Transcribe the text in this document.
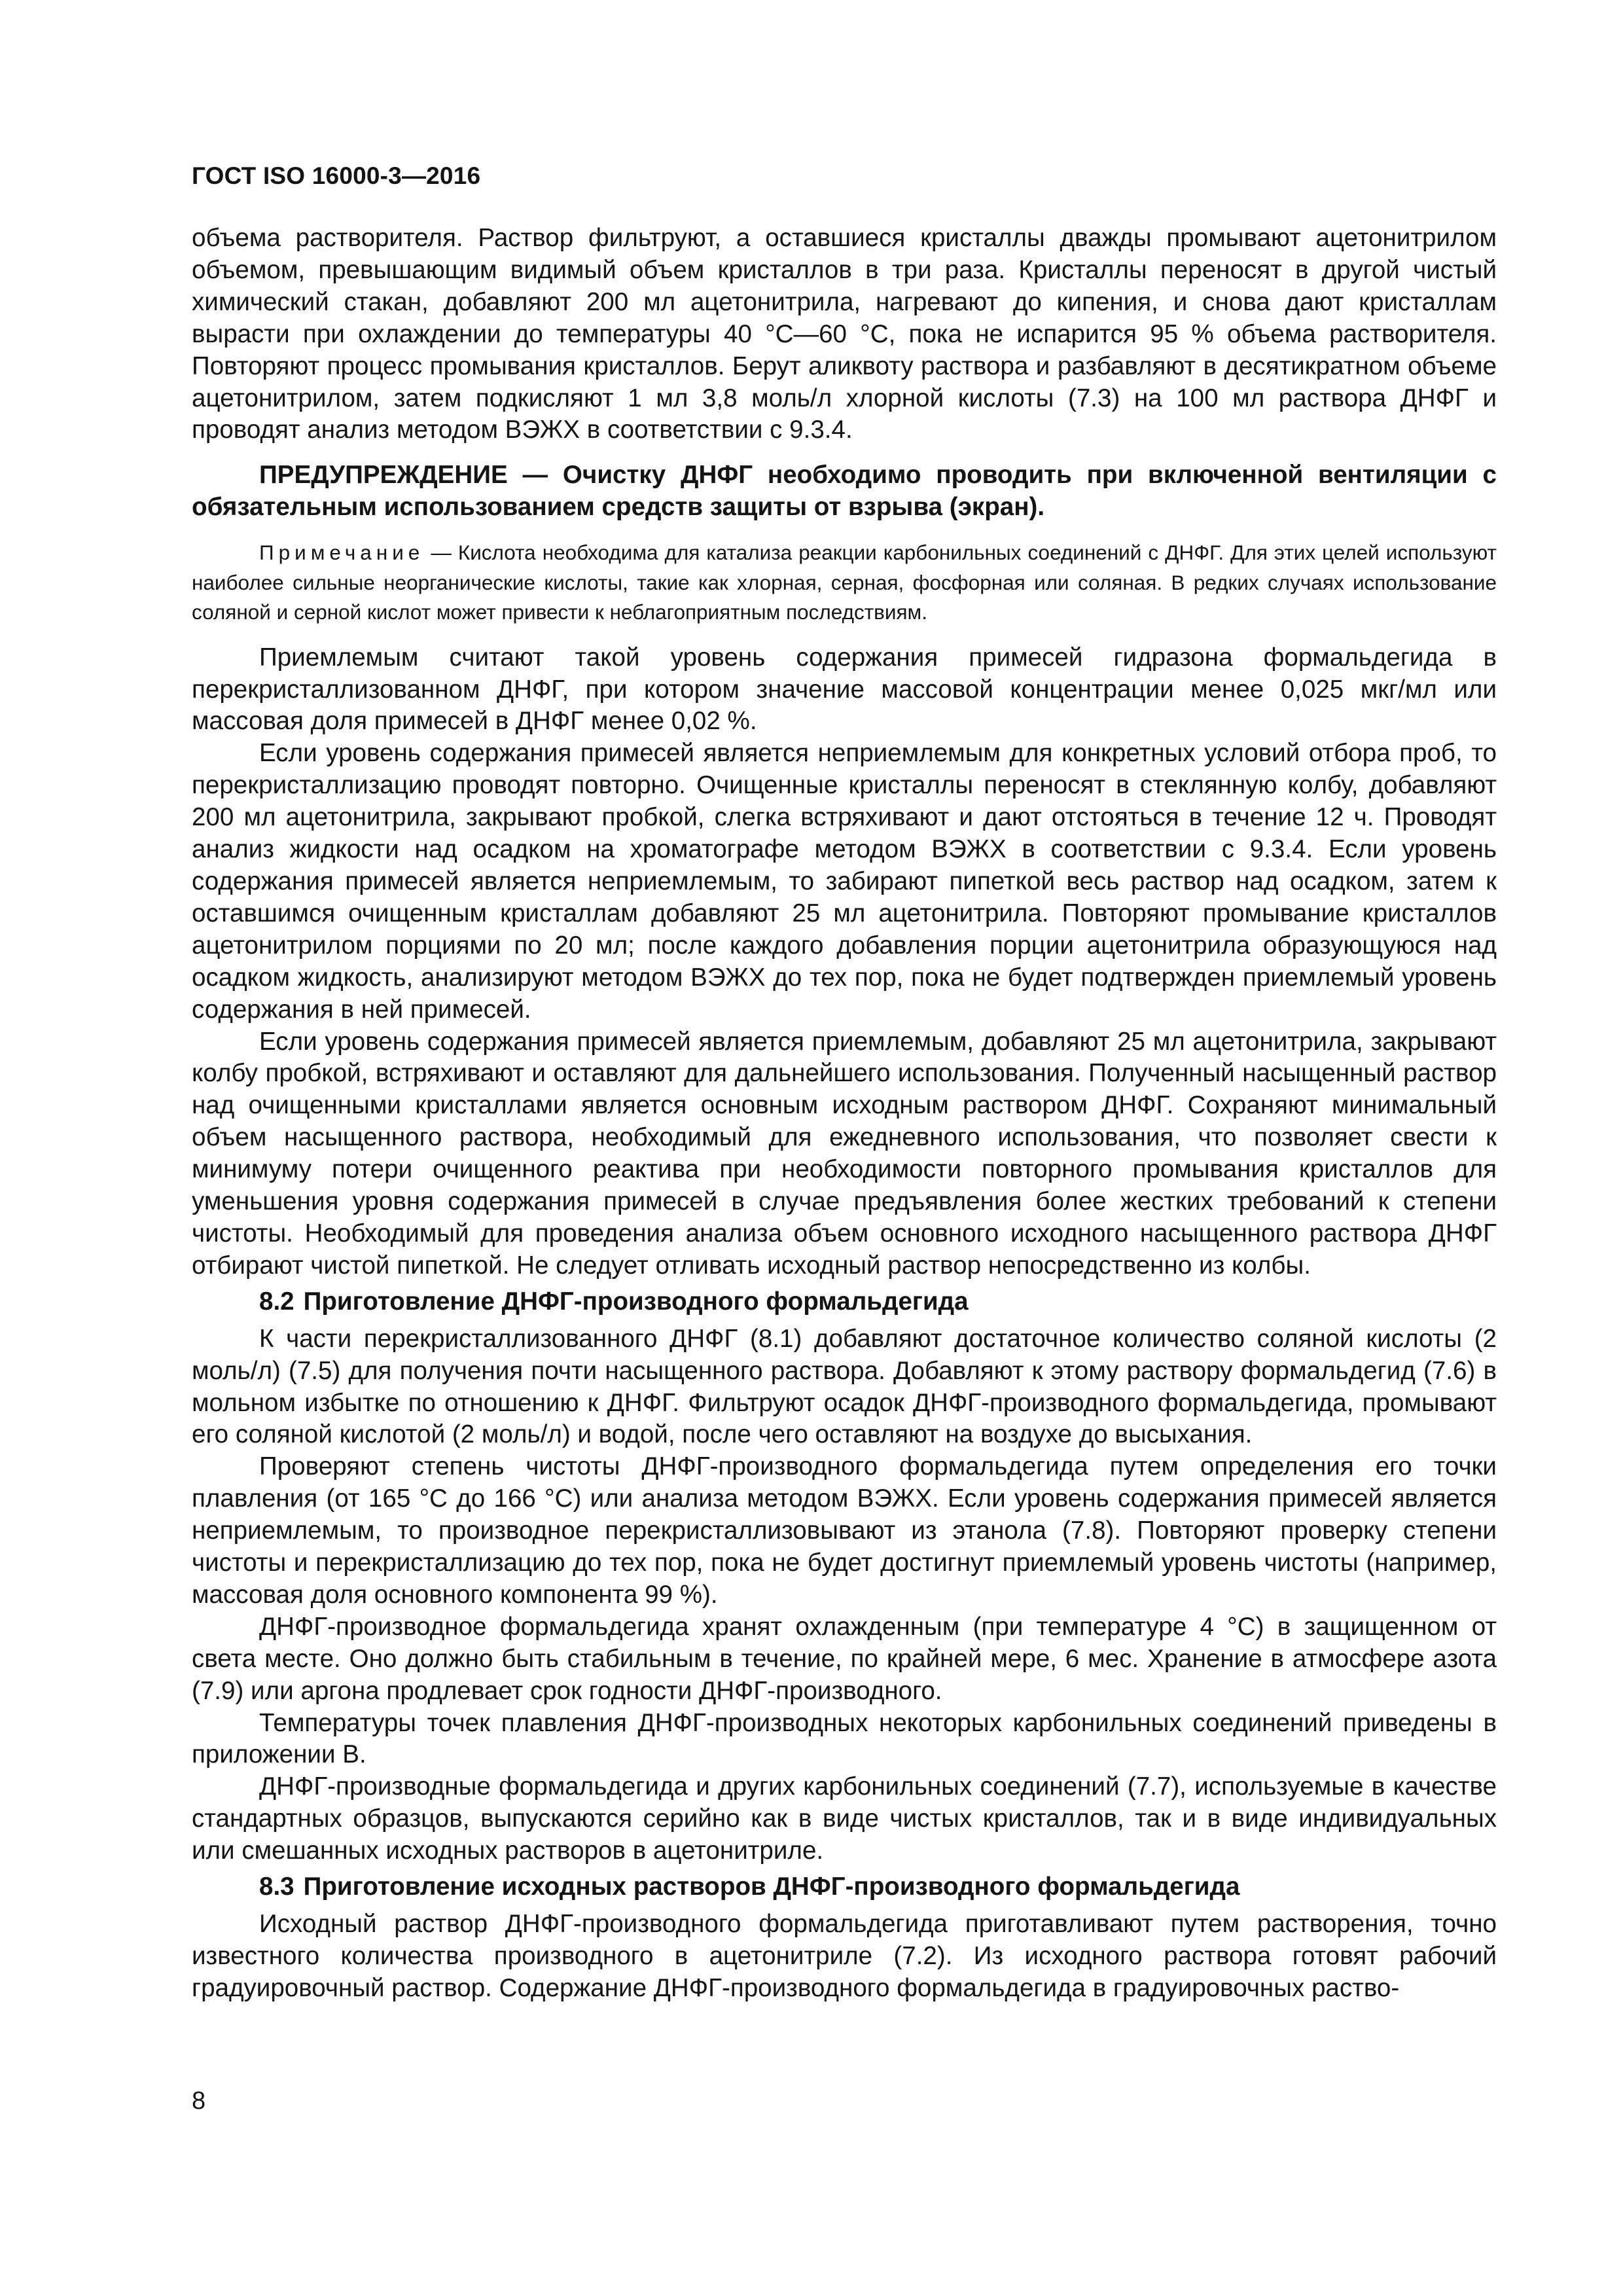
ГОСТ ISO 16000-3—2016

объема растворителя. Раствор фильтруют, а оставшиеся кристаллы дважды промывают ацетонитрилом объемом, превышающим видимый объем кристаллов в три раза. Кристаллы переносят в другой чистый химический стакан, добавляют 200 мл ацетонитрила, нагревают до кипения, и снова дают кристаллам вырасти при охлаждении до температуры 40 °С—60 °С, пока не испарится 95 % объема растворителя. Повторяют процесс промывания кристаллов. Берут аликвоту раствора и разбавляют в десятикратном объеме ацетонитрилом, затем подкисляют 1 мл 3,8 моль/л хлорной кислоты (7.3) на 100 мл раствора ДНФГ и проводят анализ методом ВЭЖХ в соответствии с 9.3.4.

ПРЕДУПРЕЖДЕНИЕ — Очистку ДНФГ необходимо проводить при включенной вентиляции с обязательным использованием средств защиты от взрыва (экран).

Примечание — Кислота необходима для катализа реакции карбонильных соединений с ДНФГ. Для этих целей используют наиболее сильные неорганические кислоты, такие как хлорная, серная, фосфорная или соляная. В редких случаях использование соляной и серной кислот может привести к неблагоприятным последствиям.

Приемлемым считают такой уровень содержания примесей гидразона формальдегида в перекристаллизованном ДНФГ, при котором значение массовой концентрации менее 0,025 мкг/мл или массовая доля примесей в ДНФГ менее 0,02 %.

Если уровень содержания примесей является неприемлемым для конкретных условий отбора проб, то перекристаллизацию проводят повторно. Очищенные кристаллы переносят в стеклянную колбу, добавляют 200 мл ацетонитрила, закрывают пробкой, слегка встряхивают и дают отстояться в течение 12 ч. Проводят анализ жидкости над осадком на хроматографе методом ВЭЖХ в соответствии с 9.3.4. Если уровень содержания примесей является неприемлемым, то забирают пипеткой весь раствор над осадком, затем к оставшимся очищенным кристаллам добавляют 25 мл ацетонитрила. Повторяют промывание кристаллов ацетонитрилом порциями по 20 мл; после каждого добавления порции ацетонитрила образующуюся над осадком жидкость, анализируют методом ВЭЖХ до тех пор, пока не будет подтвержден приемлемый уровень содержания в ней примесей.

Если уровень содержания примесей является приемлемым, добавляют 25 мл ацетонитрила, закрывают колбу пробкой, встряхивают и оставляют для дальнейшего использования. Полученный насыщенный раствор над очищенными кристаллами является основным исходным раствором ДНФГ. Сохраняют минимальный объем насыщенного раствора, необходимый для ежедневного использования, что позволяет свести к минимуму потери очищенного реактива при необходимости повторного промывания кристаллов для уменьшения уровня содержания примесей в случае предъявления более жестких требований к степени чистоты. Необходимый для проведения анализа объем основного исходного насыщенного раствора ДНФГ отбирают чистой пипеткой. Не следует отливать исходный раствор непосредственно из колбы.

8.2 Приготовление ДНФГ-производного формальдегида

К части перекристаллизованного ДНФГ (8.1) добавляют достаточное количество соляной кислоты (2 моль/л) (7.5) для получения почти насыщенного раствора. Добавляют к этому раствору формальдегид (7.6) в мольном избытке по отношению к ДНФГ. Фильтруют осадок ДНФГ-производного формальдегида, промывают его соляной кислотой (2 моль/л) и водой, после чего оставляют на воздухе до высыхания.

Проверяют степень чистоты ДНФГ-производного формальдегида путем определения его точки плавления (от 165 °С до 166 °С) или анализа методом ВЭЖХ. Если уровень содержания примесей является неприемлемым, то производное перекристаллизовывают из этанола (7.8). Повторяют проверку степени чистоты и перекристаллизацию до тех пор, пока не будет достигнут приемлемый уровень чистоты (например, массовая доля основного компонента 99 %).

ДНФГ-производное формальдегида хранят охлажденным (при температуре 4 °С) в защищенном от света месте. Оно должно быть стабильным в течение, по крайней мере, 6 мес. Хранение в атмосфере азота (7.9) или аргона продлевает срок годности ДНФГ-производного.

Температуры точек плавления ДНФГ-производных некоторых карбонильных соединений приведены в приложении В.

ДНФГ-производные формальдегида и других карбонильных соединений (7.7), используемые в качестве стандартных образцов, выпускаются серийно как в виде чистых кристаллов, так и в виде индивидуальных или смешанных исходных растворов в ацетонитриле.

8.3 Приготовление исходных растворов ДНФГ-производного формальдегида

Исходный раствор ДНФГ-производного формальдегида приготавливают путем растворения, точно известного количества производного в ацетонитриле (7.2). Из исходного раствора готовят рабочий градуировочный раствор. Содержание ДНФГ-производного формальдегида в градуировочных раство-

8
